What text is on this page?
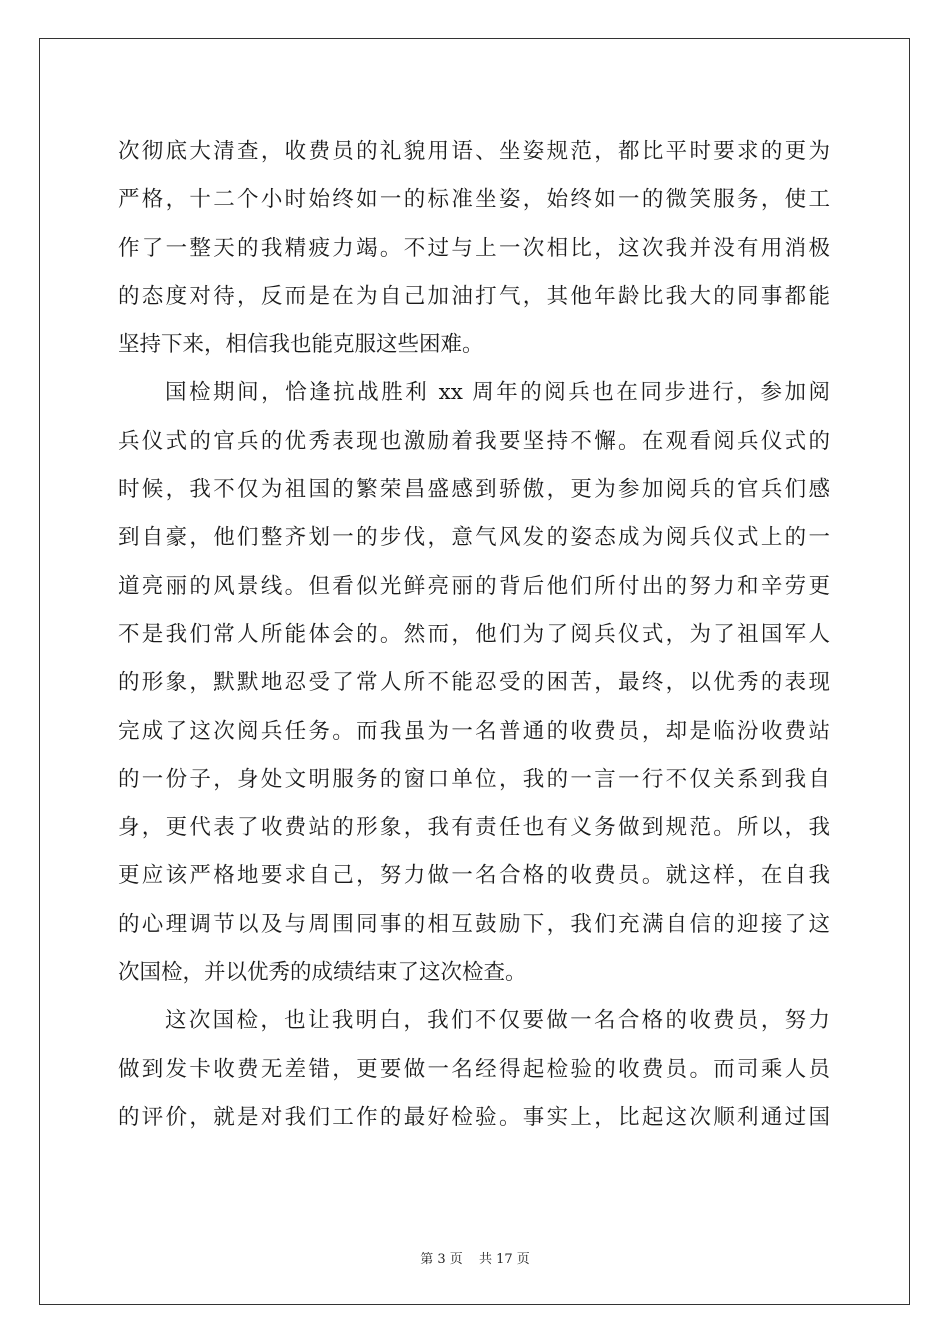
次彻底大清查，收费员的礼貌用语、坐姿规范，都比平时要求的更为
严格，十二个小时始终如一的标准坐姿，始终如一的微笑服务，使工
作了一整天的我精疲力竭。不过与上一次相比，这次我并没有用消极
的态度对待，反而是在为自己加油打气，其他年龄比我大的同事都能
坚持下来，相信我也能克服这些困难。
国检期间，恰逢抗战胜利 xx 周年的阅兵也在同步进行，参加阅
兵仪式的官兵的优秀表现也激励着我要坚持不懈。在观看阅兵仪式的
时候，我不仅为祖国的繁荣昌盛感到骄傲，更为参加阅兵的官兵们感
到自豪，他们整齐划一的步伐，意气风发的姿态成为阅兵仪式上的一
道亮丽的风景线。但看似光鲜亮丽的背后他们所付出的努力和辛劳更
不是我们常人所能体会的。然而，他们为了阅兵仪式，为了祖国军人
的形象，默默地忍受了常人所不能忍受的困苦，最终，以优秀的表现
完成了这次阅兵任务。而我虽为一名普通的收费员，却是临汾收费站
的一份子，身处文明服务的窗口单位，我的一言一行不仅关系到我自
身，更代表了收费站的形象，我有责任也有义务做到规范。所以，我
更应该严格地要求自己，努力做一名合格的收费员。就这样，在自我
的心理调节以及与周围同事的相互鼓励下，我们充满自信的迎接了这
次国检，并以优秀的成绩结束了这次检查。
这次国检，也让我明白，我们不仅要做一名合格的收费员，努力
做到发卡收费无差错，更要做一名经得起检验的收费员。而司乘人员
的评价，就是对我们工作的最好检验。事实上，比起这次顺利通过国
第 3 页 共 17 页
